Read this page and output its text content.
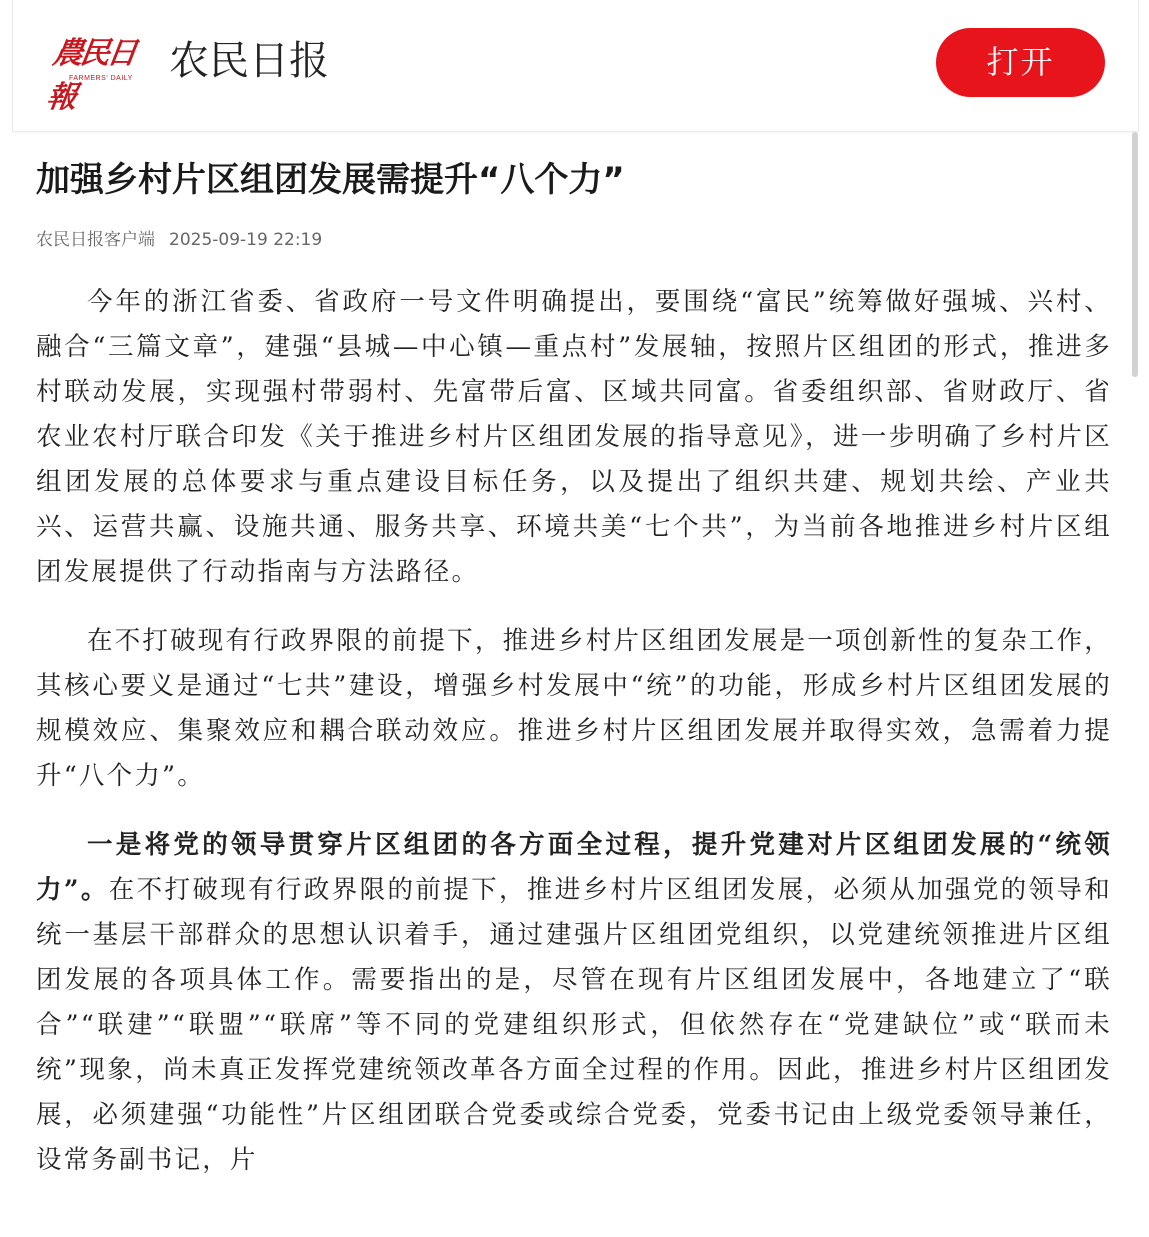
農民日報
FARMERS' DAILY 农民日报	打开
加强乡村片区组团发展需提升“八个力”
农民日报客户端 2025-09-19 22:19

今年的浙江省委、省政府一号文件明确提出，要围绕“富民”统筹做好强城、兴村、融合“三篇文章”，建强“县城—中心镇—重点村”发展轴，按照片区组团的形式，推进多村联动发展，实现强村带弱村、先富带后富、区域共同富。省委组织部、省财政厅、省农业农村厅联合印发《关于推进乡村片区组团发展的指导意见》，进一步明确了乡村片区组团发展的总体要求与重点建设目标任务，以及提出了组织共建、规划共绘、产业共兴、运营共赢、设施共通、服务共享、环境共美“七个共”，为当前各地推进乡村片区组团发展提供了行动指南与方法路径。

在不打破现有行政界限的前提下，推进乡村片区组团发展是一项创新性的复杂工作，其核心要义是通过“七共”建设，增强乡村发展中“统”的功能，形成乡村片区组团发展的规模效应、集聚效应和耦合联动效应。推进乡村片区组团发展并取得实效，急需着力提升“八个力”。

一是将党的领导贯穿片区组团的各方面全过程，提升党建对片区组团发展的“统领力”。在不打破现有行政界限的前提下，推进乡村片区组团发展，必须从加强党的领导和统一基层干部群众的思想认识着手，通过建强片区组团党组织，以党建统领推进片区组团发展的各项具体工作。需要指出的是，尽管在现有片区组团发展中，各地建立了“联合”“联建”“联盟”“联席”等不同的党建组织形式，但依然存在“党建缺位”或“联而未统”现象，尚未真正发挥党建统领改革各方面全过程的作用。因此，推进乡村片区组团发展，必须建强“功能性”片区组团联合党委或综合党委，党委书记由上级党委领导兼任，设常务副书记，片
